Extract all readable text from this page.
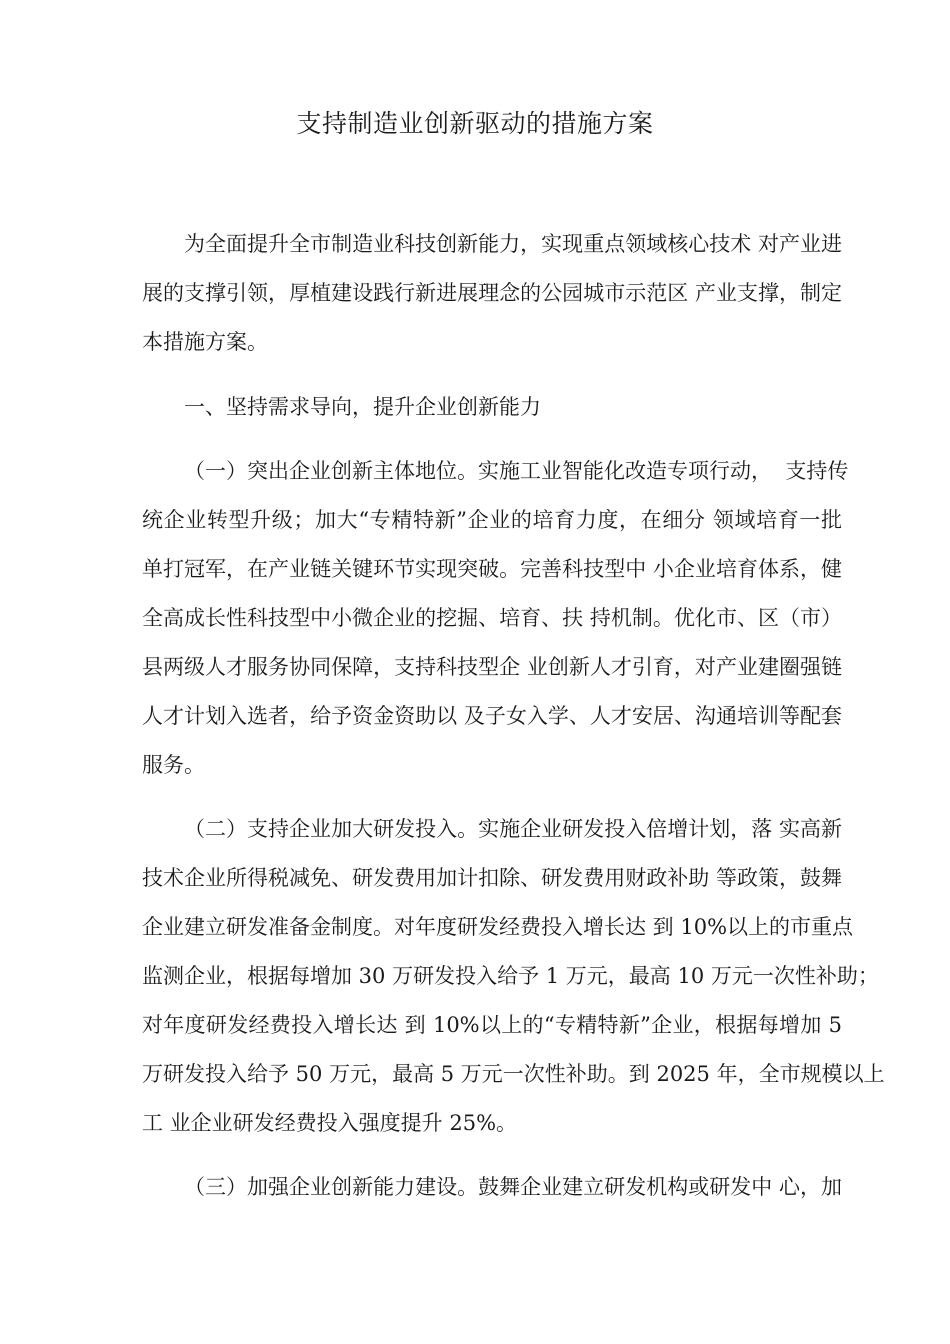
支持制造业创新驱动的措施方案
为全面提升全市制造业科技创新能力，实现重点领域核心技术 对产业进
展的支撑引领，厚植建设践行新进展理念的公园城市示范区 产业支撑，制定
本措施方案。
一、坚持需求导向，提升企业创新能力
（一）突出企业创新主体地位。实施工业智能化改造专项行动，  支持传
统企业转型升级；加大“专精特新”企业的培育力度，在细分 领域培育一批
单打冠军，在产业链关键环节实现突破。完善科技型中 小企业培育体系，健
全高成长性科技型中小微企业的挖掘、培育、扶 持机制。优化市、区（市）
县两级人才服务协同保障，支持科技型企 业创新人才引育，对产业建圈强链
人才计划入选者，给予资金资助以 及子女入学、人才安居、沟通培训等配套
服务。
（二）支持企业加大研发投入。实施企业研发投入倍增计划，落 实高新
技术企业所得税减免、研发费用加计扣除、研发费用财政补助 等政策，鼓舞
企业建立研发准备金制度。对年度研发经费投入增长达 到 10%以上的市重点
监测企业，根据每增加 30 万研发投入给予 1 万元，最高 10 万元一次性补助；
对年度研发经费投入增长达 到 10%以上的“专精特新”企业，根据每增加 5
万研发投入给予 50 万元，最高 5 万元一次性补助。到 2025 年，全市规模以上
工 业企业研发经费投入强度提升 25%。
（三）加强企业创新能力建设。鼓舞企业建立研发机构或研发中 心，加
